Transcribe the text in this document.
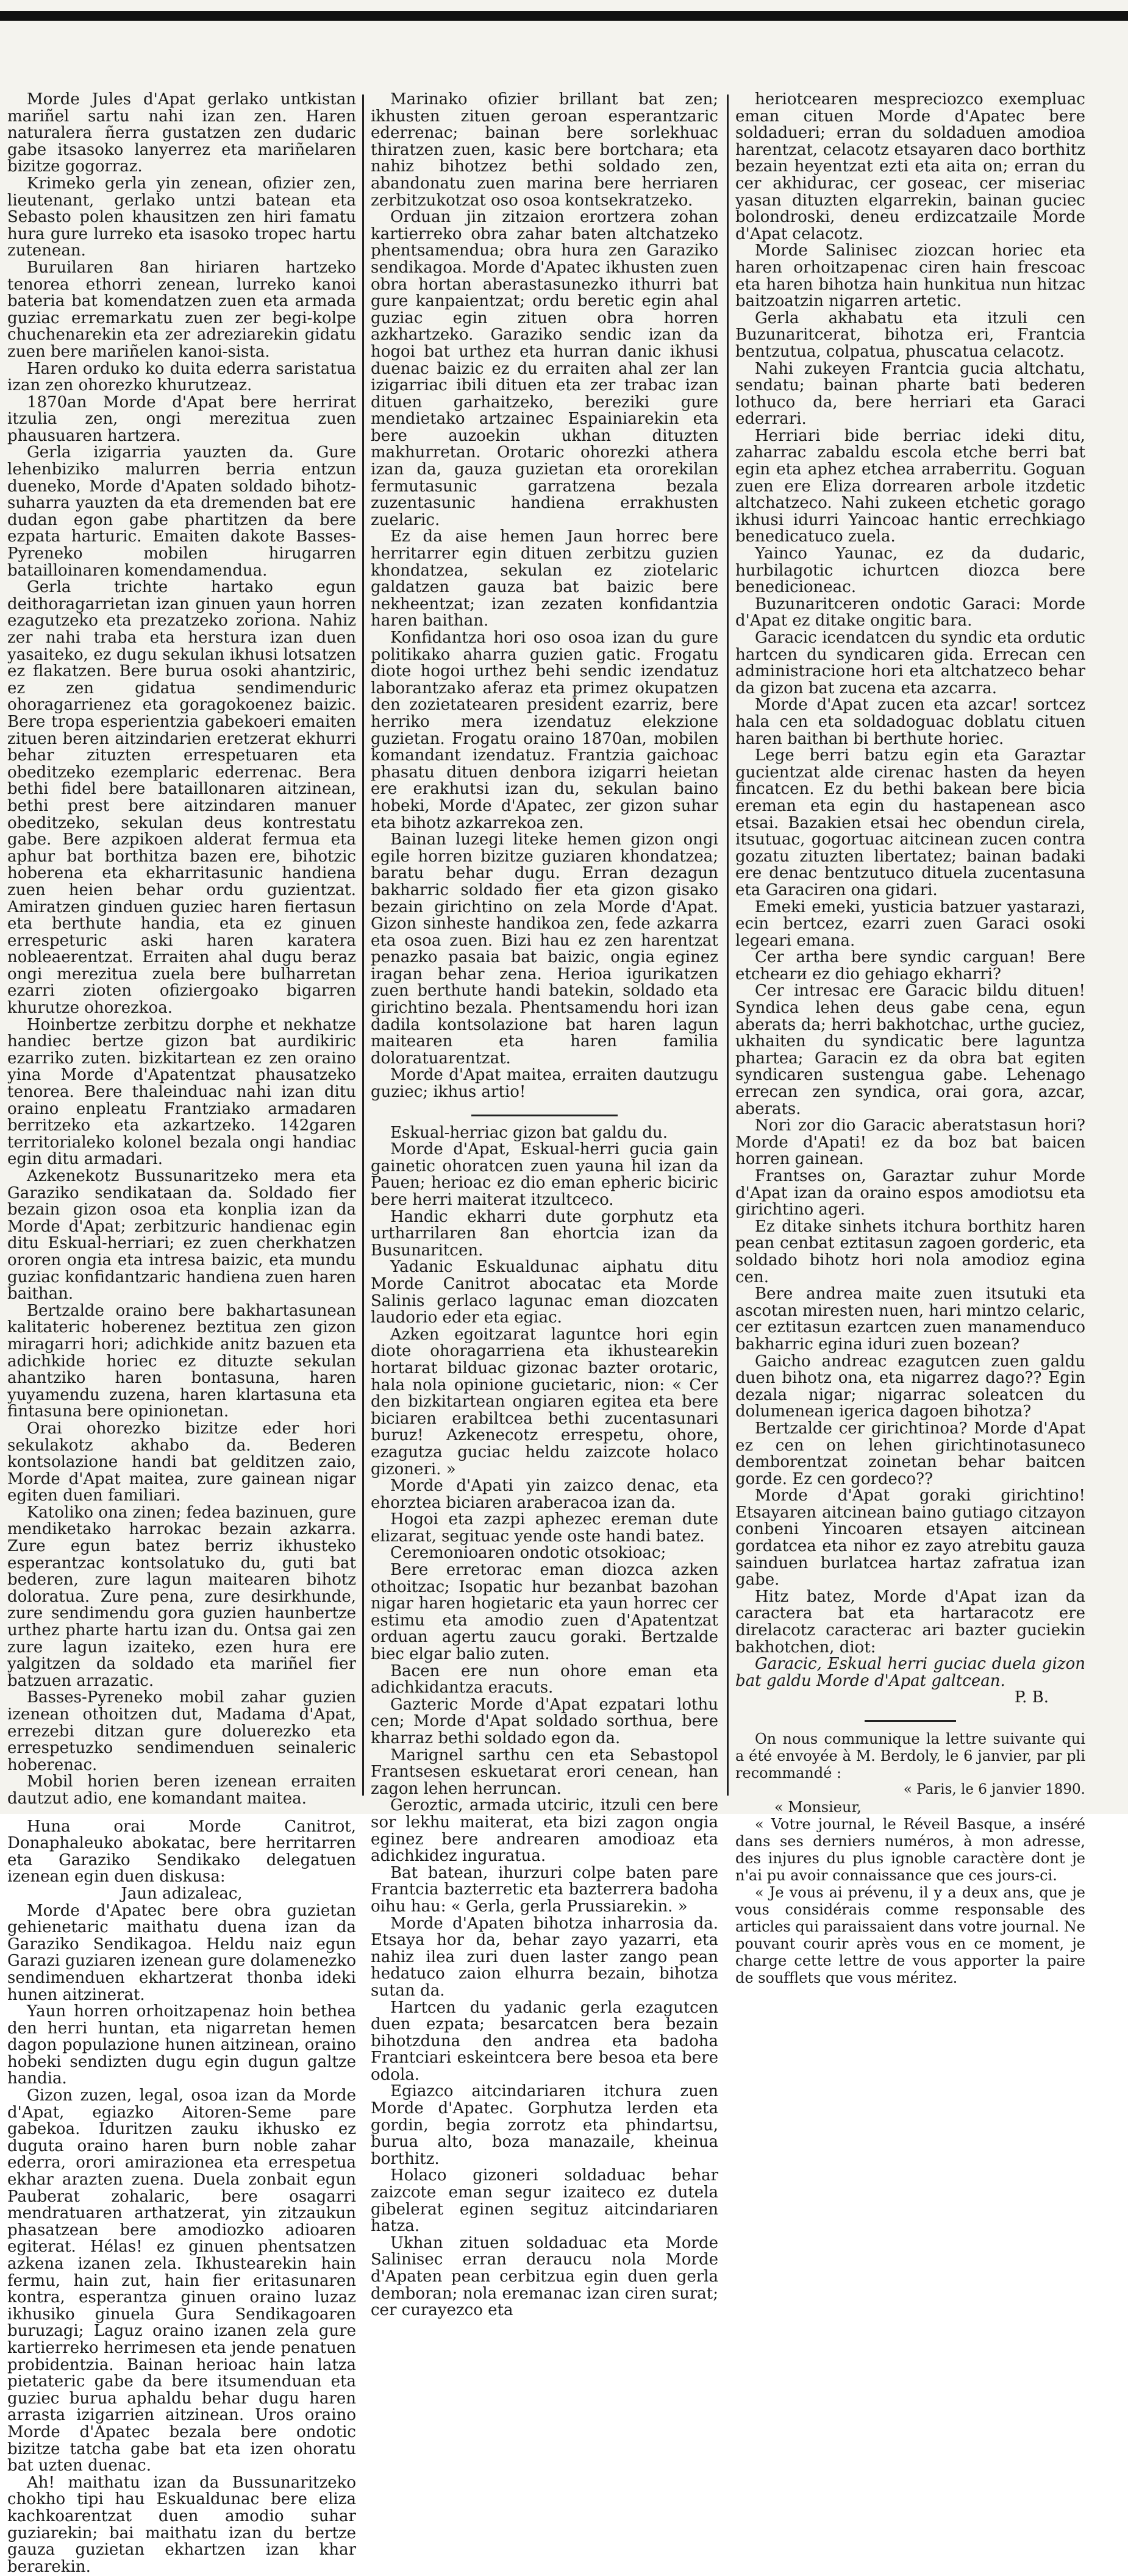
Morde Jules d'Apat gerlako untkistan mariñel sartu nahi izan zen. Haren naturalera ñerra gustatzen zen dudaric gabe itsasoko lanyerrez eta mariñelaren bizitze gogorraz.

Krimeko gerla yin zenean, ofizier zen, lieutenant, gerlako untzi batean eta Sebasto polen khausitzen zen hiri famatu hura gure lurreko eta isasoko tropec hartu zutenean.

Buruilaren 8an hiriaren hartzeko tenorea ethorri zenean, lurreko kanoi bateria bat komendatzen zuen eta armada guziac erremarkatu zuen zer begi-kolpe chuchenarekin eta zer adreziarekin gidatu zuen bere mariñelen kanoi-sista.

Haren orduko ko duita ederra saristatua izan zen ohorezko khurutzeaz.

1870an Morde d'Apat bere herrirat itzulia zen, ongi merezitua zuen phausuaren hartzera.

Gerla izigarria yauzten da. Gure lehenbiziko malurren berria entzun dueneko, Morde d'Apaten soldado bihotz-suharra yauzten da eta dremenden bat ere dudan egon gabe phartitzen da bere ezpata harturic. Emaiten dakote Basses-Pyreneko mobilen hirugarren batailloinaren komendamendua.

Gerla trichte hartako egun deithoragarrietan izan ginuen yaun horren ezagutzeko eta prezatzeko zoriona. Nahiz zer nahi traba eta herstura izan duen yasaiteko, ez dugu sekulan ikhusi lotsatzen ez flakatzen. Bere burua osoki ahantziric, ez zen gidatua sendimenduric ohoragarrienez eta goragokoenez baizic. Bere tropa esperientzia gabekoeri emaiten zituen beren aitzindarien eretzerat ekhurri behar zituzten errespetuaren eta obeditzeko ezemplaric ederrenac. Bera bethi fidel bere bataillonaren aitzinean, bethi prest bere aitzindaren manuer obeditzeko, sekulan deus kontrestatu gabe. Bere azpikoen alderat fermua eta aphur bat borthitza bazen ere, bihotzic hoberena eta ekharritasunic handiena zuen heien behar ordu guzientzat. Amiratzen ginduen guziec haren fiertasun eta berthute handia, eta ez ginuen errespeturic aski haren karatera nobleaerentzat. Erraiten ahal dugu beraz ongi merezitua zuela bere bulharretan ezarri zioten ofiziergoako bigarren khurutze ohorezkoa.

Hoinbertze zerbitzu dorphe et nekhatze handiec bertze gizon bat aurdikiric ezarriko zuten. bizkitartean ez zen oraino yina Morde d'Apatentzat phausatzeko tenorea. Bere thaleinduac nahi izan ditu oraino enpleatu Frantziako armadaren berritzeko eta azkartzeko. 142garen territorialeko kolonel bezala ongi handiac egin ditu armadari.

Azkenekotz Bussunaritzeko mera eta Garaziko sendikataan da. Soldado fier bezain gizon osoa eta konplia izan da Morde d'Apat; zerbitzuric handienac egin ditu Eskual-herriari; ez zuen cherkhatzen ororen ongia eta intresa baizic, eta mundu guziac konfidantzaric handiena zuen haren baithan.

Bertzalde oraino bere bakhartasunean kalitateric hoberenez beztitua zen gizon miragarri hori; adichkide anitz bazuen eta adichkide horiec ez dituzte sekulan ahantziko haren bontasuna, haren yuyamendu zuzena, haren klartasuna eta fintasuna bere opinionetan.

Orai ohorezko bizitze eder hori sekulakotz akhabo da. Bederen kontsolazione handi bat gelditzen zaio, Morde d'Apat maitea, zure gainean nigar egiten duen familiari.

Katoliko ona zinen; fedea bazinuen, gure mendiketako harrokac bezain azkarra. Zure egun batez berriz ikhusteko esperantzac kontsolatuko du, guti bat bederen, zure lagun maitearen bihotz doloratua. Zure pena, zure desirkhunde, zure sendimendu gora guzien haunbertze urthez pharte hartu izan du. Ontsa gai zen zure lagun izaiteko, ezen hura ere yalgitzen da soldado eta mariñel fier batzuen arrazatic.

Basses-Pyreneko mobil zahar guzien izenean othoitzen dut, Madama d'Apat, errezebi ditzan gure doluerezko eta errespetuzko sendimenduen seinaleric hoberenac.

Mobil horien beren izenean erraiten dautzut adio, ene komandant maitea.

Huna orai Morde Canitrot, Donaphaleuko abokatac, bere herritarren eta Garaziko Sendikako delegatuen izenean egin duen diskusa:

Jaun adizaleac,

Morde d'Apatec bere obra guzietan gehienetaric maithatu duena izan da Garaziko Sendikagoa. Heldu naiz egun Garazi guziaren izenean gure dolamenezko sendimenduen ekhartzerat thonba ideki hunen aitzinerat.

Yaun horren orhoitzapenaz hoin bethea den herri huntan, eta nigarretan hemen dagon populazione hunen aitzinean, oraino hobeki sendizten dugu egin dugun galtze handia.

Gizon zuzen, legal, osoa izan da Morde d'Apat, egiazko Aitoren-Seme pare gabekoa. Iduritzen zauku ikhusko ez duguta oraino haren burn noble zahar ederra, orori amirazionea eta errespetua ekhar arazten zuena. Duela zonbait egun Pauberat zohalaric, bere osagarri mendratuaren arthatzerat, yin zitzaukun phasatzean bere amodiozko adioaren egiterat. Hélas! ez ginuen phentsatzen azkena izanen zela. Ikhustearekin hain fermu, hain zut, hain fier eritasunaren kontra, esperantza ginuen oraino luzaz ikhusiko ginuela Gura Sendikagoaren buruzagi; Laguz oraino izanen zela gure kartierreko herrimesen eta jende penatuen probidentzia. Bainan herioac hain latza pietateric gabe da bere itsumenduan eta guziec burua aphaldu behar dugu haren arrasta izigarrien aitzinean. Uros oraino Morde d'Apatec bezala bere ondotic bizitze tatcha gabe bat eta izen ohoratu bat uzten duenac.

Ah! maithatu izan da Bussunaritzeko chokho tipi hau Eskualdunac bere eliza kachkoarentzat duen amodio suhar guziarekin; bai maithatu izan du bertze gauza guzietan ekhartzen izan khar berarekin.

Marinako ofizier brillant bat zen; ikhusten zituen geroan esperantzaric ederrenac; bainan bere sorlekhuac thiratzen zuen, kasic bere bortchara; eta nahiz bihotzez bethi soldado zen, abandonatu zuen marina bere herriaren zerbitzukotzat oso osoa kontsekratzeko.

Orduan jin zitzaion erortzera zohan kartierreko obra zahar baten altchatzeko phentsamendua; obra hura zen Garaziko sendikagoa. Morde d'Apatec ikhusten zuen obra hortan aberastasunezko ithurri bat gure kanpaientzat; ordu beretic egin ahal guziac egin zituen obra horren azkhartzeko. Garaziko sendic izan da hogoi bat urthez eta hurran danic ikhusi duenac baizic ez du erraiten ahal zer lan izigarriac ibili dituen eta zer trabac izan dituen garhaitzeko, bereziki gure mendietako artzainec Espainiarekin eta bere auzoekin ukhan dituzten makhurretan. Orotaric ohorezki athera izan da, gauza guzietan eta ororekilan fermutasunic garratzena bezala zuzentasunic handiena errakhusten zuelaric.

Ez da aise hemen Jaun horrec bere herritarrer egin dituen zerbitzu guzien khondatzea, sekulan ez ziotelaric galdatzen gauza bat baizic bere nekheentzat; izan zezaten konfidantzia haren baithan.

Konfidantza hori oso osoa izan du gure politikako aharra guzien gatic. Frogatu diote hogoi urthez behi sendic izendatuz laborantzako aferaz eta primez okupatzen den zozietatearen president ezarriz, bere herriko mera izendatuz elekzione guzietan. Frogatu oraino 1870an, mobilen komandant izendatuz. Frantzia gaichoac phasatu dituen denbora izigarri heietan ere erakhutsi izan du, sekulan baino hobeki, Morde d'Apatec, zer gizon suhar eta bihotz azkarrekoa zen.

Bainan luzegi liteke hemen gizon ongi egile horren bizitze guziaren khondatzea; baratu behar dugu. Erran dezagun bakharric soldado fier eta gizon gisako bezain girichtino on zela Morde d'Apat. Gizon sinheste handikoa zen, fede azkarra eta osoa zuen. Bizi hau ez zen harentzat penazko pasaia bat baizic, ongia eginez iragan behar zena. Herioa igurikatzen zuen berthute handi batekin, soldado eta girichtino bezala. Phentsamendu hori izan dadila kontsolazione bat haren lagun maitearen eta haren familia doloratuarentzat.

Morde d'Apat maitea, erraiten dautzugu guziec; ikhus artio!

Eskual-herriac gizon bat galdu du.

Morde d'Apat, Eskual-herri gucia gain gainetic ohoratcen zuen yauna hil izan da Pauen; herioac ez dio eman epheric biciric bere herri maiterat itzultceco.

Handic ekharri dute gorphutz eta urtharrilaren 8an ehortcia izan da Busunaritcen.

Yadanic Eskualdunac aiphatu ditu Morde Canitrot abocatac eta Morde Salinis gerlaco lagunac eman diozcaten laudorio eder eta egiac.

Azken egoitzarat laguntce hori egin diote ohoragarriena eta ikhustearekin hortarat bilduac gizonac bazter orotaric, hala nola opinione gucietaric, nion: « Cer den bizkitartean ongiaren egitea eta bere biciaren erabiltcea bethi zucentasunari buruz! Azkenecotz errespetu, ohore, ezagutza guciac heldu zaizcote holaco gizoneri. »

Morde d'Apati yin zaizco denac, eta ehorztea biciaren araberacoa izan da.

Hogoi eta zazpi aphezec ereman dute elizarat, segituac yende oste handi batez.

Ceremonioaren ondotic otsokioac;

Bere erretorac eman diozca azken othoitzac; Isopatic hur bezanbat bazohan nigar haren hogietaric eta yaun horrec cer estimu eta amodio zuen d'Apatentzat orduan agertu zaucu goraki. Bertzalde biec elgar balio zuten.

Bacen ere nun ohore eman eta adichkidantza eracuts.

Gazteric Morde d'Apat ezpatari lothu cen; Morde d'Apat soldado sorthua, bere kharraz bethi soldado egon da.

Marignel sarthu cen eta Sebastopol Frantsesen eskuetarat erori cenean, han zagon lehen herruncan.

Geroztic, armada utciric, itzuli cen bere sor lekhu maiterat, eta bizi zagon ongia eginez bere andrearen amodioaz eta adichkidez inguratua.

Bat batean, ihurzuri colpe baten pare Frantcia bazterretic eta bazterrera badoha oihu hau: « Gerla, gerla Prussiarekin. »

Morde d'Apaten bihotza inharrosia da. Etsaya hor da, behar zayo yazarri, eta nahiz ilea zuri duen laster zango pean hedatuco zaion elhurra bezain, bihotza sutan da.

Hartcen du yadanic gerla ezagutcen duen ezpata; besarcatcen bera bezain bihotzduna den andrea eta badoha Frantciari eskeintcera bere besoa eta bere odola.

Egiazco aitcindariaren itchura zuen Morde d'Apatec. Gorphutza lerden eta gordin, begia zorrotz eta phindartsu, burua alto, boza manazaile, kheinua borthitz.

Holaco gizoneri soldaduac behar zaizcote eman segur izaiteco ez dutela gibelerat eginen segituz aitcindariaren hatza.

Ukhan zituen soldaduac eta Morde Salinisec erran deraucu nola Morde d'Apaten pean cerbitzua egin duen gerla demboran; nola eremanac izan ciren surat; cer curayezco eta

heriotcearen mespreciozco exempluac eman cituen Morde d'Apatec bere soldadueri; erran du soldaduen amodioa harentzat, celacotz etsayaren daco borthitz bezain heyentzat ezti eta aita on; erran du cer akhiduraс, cer goseac, cer miseriac yasan dituzten elgarrekin, bainan guciec bolondroski, deneu erdizcatzaile Morde d'Apat celacotz.

Morde Salinisec ziozcan horiec eta haren orhoitzapenac ciren hain frescoac eta haren bihotza hain hunkitua nun hitzac baitzoatzin nigarren artetic.

Gerla akhabatu eta itzuli cen Buzunaritcerat, bihotza eri, Frantcia bentzutua, colpatua, phuscatua celacotz.

Nahi zukeyen Frantcia gucia altchatu, sendatu; bainan pharte bati bederen lothuco da, bere herriari eta Garaci ederrari.

Herriari bide berriac ideki ditu, zaharrac zabaldu escola etche berri bat egin eta aphez etchea arraberritu. Goguan zuen ere Eliza dorrearen arbole itzdetic altchatzeco. Nahi zukeen etchetic gorago ikhusi idurri Yaincoac hantic errechkiago benedicatuco zuela.

Yainco Yaunac, ez da dudaric, hurbilagotic ichurtcen diozca bere benedicioneac.

Buzunaritceren ondotic Garaci: Morde d'Apat ez ditake ongitic bara.

Garacic icendatcen du syndic eta ordutic hartcen du syndicaren gida. Errecan cen administracione hori eta altchatzeco behar da gizon bat zucena eta azcarra.

Morde d'Apat zucen eta azcar! sortcez hala cen eta soldadoguac doblatu cituen haren baithan bi berthute horiec.

Lege berri batzu egin eta Garaztar gucientzat alde cirenac hasten da heyen fincatcen. Ez du bethi bakean bere bicia ereman eta egin du hastapenean asco etsai. Bazakien etsai hec obendun cirela, itsutuac, gogortuac aitcinean zucen contra gozatu zituzten libertatez; bainan badaki ere denac bentzutuco dituela zucentasuna eta Garaciren ona gidari.

Emeki emeki, yusticia batzuer yastarazi, ecin bertcez, ezarri zuen Garaci osoki legeari emana.

Cer artha bere syndic carguan! Bere etchearи ez dio gehiago ekharri?

Cer intresac ere Garacic bildu dituen! Syndica lehen deus gabe cena, egun aberats da; herri bakhotchac, urthe guciez, ukhaiten du syndicatic bere laguntza phartea; Garacin ez da obra bat egiten syndicaren sustengua gabe. Lehenago errecan zen syndica, orai gora, azcar, aberats.

Nori zor dio Garacic aberatstasun hori? Morde d'Apati! ez da boz bat baicen horren gainean.

Frantses on, Garaztar zuhur Morde d'Apat izan da oraino espos amodiotsu eta girichtino ageri.

Ez ditake sinhets itchura borthitz haren pean cenbat eztitasun zagoen gorderic, eta soldado bihotz hori nola amodioz egina cen.

Bere andrea maite zuen itsutuki eta ascotan miresten nuen, hari mintzo celaric, cer eztitasun ezartcen zuen manamenduco bakharric egina iduri zuen bozean?

Gaicho andreac ezagutcen zuen galdu duen bihotz ona, eta nigarrez dago?? Egin dezala nigar; nigarrac soleatcen du dolumenean igerica dagoen bihotza?

Bertzalde cer girichtinoa? Morde d'Apat ez cen on lehen girichtinotasuneco demborentzat zoinetan behar baitcen gorde. Ez cen gordeco??

Morde d'Apat goraki girichtino! Etsayaren aitcinean baino gutiago citzayon conbeni Yincoaren etsayen aitcinean gordatcea eta nihor ez zayo atrebitu gauza sainduen burlatcea hartaz zafratua izan gabe.

Hitz batez, Morde d'Apat izan da caractera bat eta hartaracotz ere direlacotz caracterac ari bazter guciekin bakhotchen, diot:

Garacic, Eskual herri guciac duela gizon bat galdu Morde d'Apat galtcean.

P. B.

On nous communique la lettre suivante qui a été envoyée à M. Berdoly, le 6 janvier, par pli recommandé :

« Paris, le 6 janvier 1890.

« Monsieur,

« Votre journal, le Réveil Basque, a inséré dans ses derniers numéros, à mon adresse, des injures du plus ignoble caractère dont je n'ai pu avoir connaissance que ces jours-ci.

« Je vous ai prévenu, il y a deux ans, que je vous considérais comme responsable des articles qui paraissaient dans votre journal. Ne pouvant courir après vous en ce moment, je charge cette lettre de vous apporter la paire de soufflets que vous méritez.
